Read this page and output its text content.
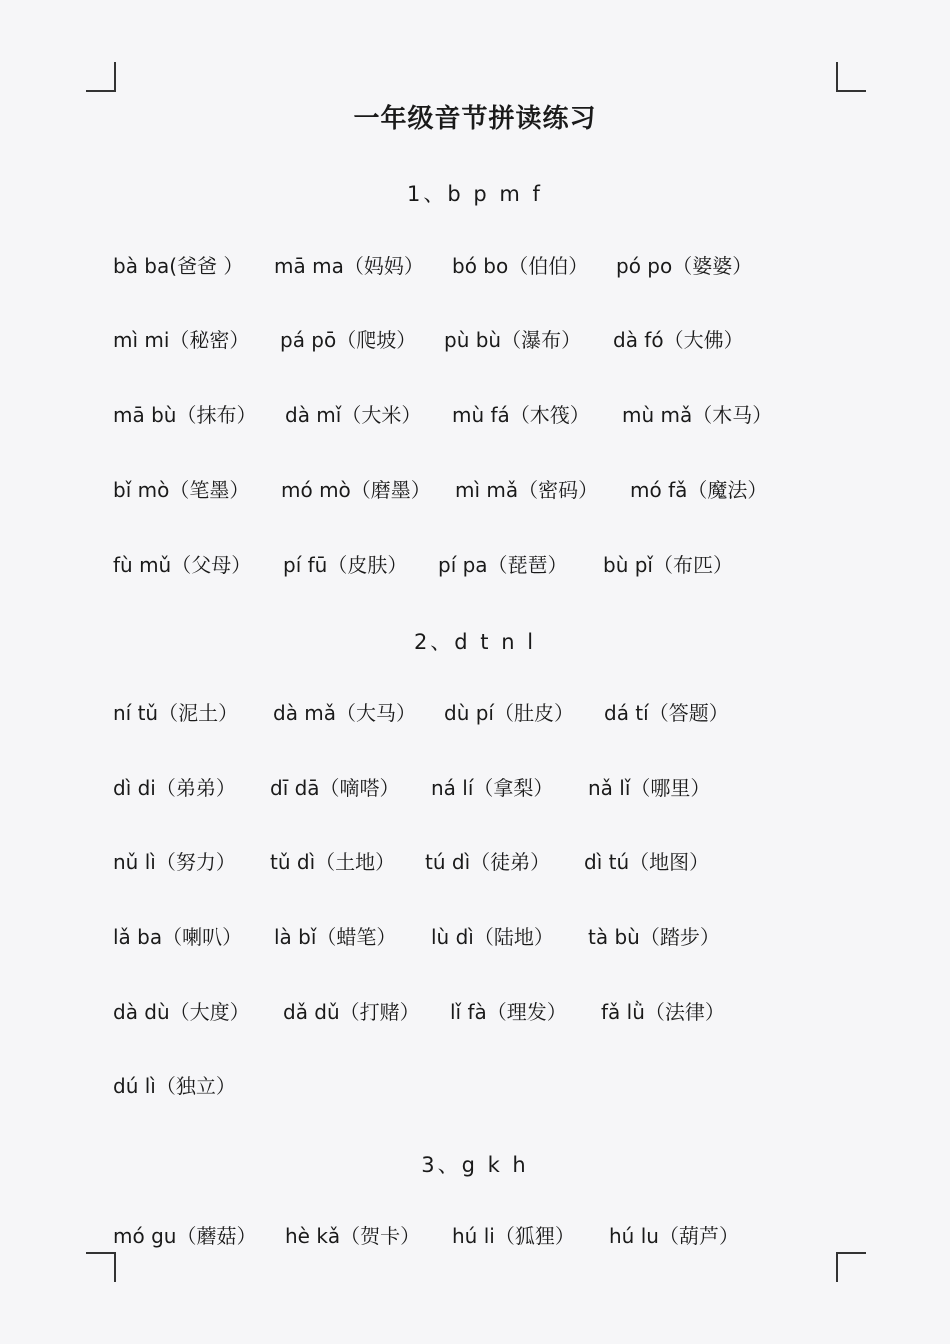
一年级音节拼读练习
1、b p m f
bà ba(爸爸 ） mā ma（妈妈） bó bo（伯伯） pó po（婆婆）
mì mi（秘密） pá pō（爬坡） pù bù（瀑布） dà fó（大佛）
mā bù（抹布） dà mǐ（大米） mù fá（木筏） mù mǎ（木马）
bǐ mò（笔墨） mó mò（磨墨） mì mǎ（密码） mó fǎ（魔法）
fù mǔ（父母） pí fū（皮肤） pí pa（琵琶） bù pǐ（布匹）
2、d t n l
ní tǔ（泥土） dà mǎ（大马） dù pí（肚皮） dá tí（答题）
dì di（弟弟） dī dā（嘀嗒） ná lí（拿梨） nǎ lǐ（哪里）
nǔ lì（努力） tǔ dì（土地） tú dì（徒弟） dì tú（地图）
lǎ ba（喇叭） là bǐ（蜡笔） lù dì（陆地） tà bù（踏步）
dà dù（大度） dǎ dǔ（打赌） lǐ fà（理发） fǎ lǜ（法律）
dú lì（独立）
3、g k h
mó gu（蘑菇） hè kǎ（贺卡） hú li（狐狸） hú lu（葫芦）
